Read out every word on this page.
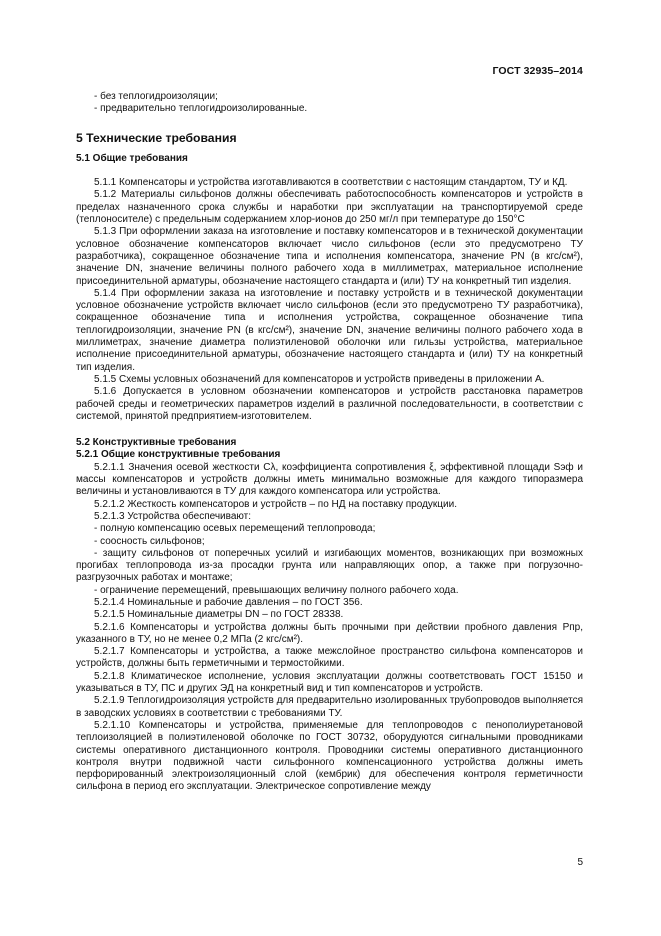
ГОСТ 32935–2014

- без теплогидроизоляции;

- предварительно теплогидроизолированные.

5 Технические требования

5.1 Общие требования

5.1.1 Компенсаторы и устройства изготавливаются в соответствии с настоящим стандартом, ТУ и КД.

5.1.2 Материалы сильфонов должны обеспечивать работоспособность компенсаторов и устройств в пределах назначенного срока службы и наработки при эксплуатации на транспортируемой среде (теплоносителе) с предельным содержанием хлор-ионов до 250 мг/л при температуре до 150°С

5.1.3 При оформлении заказа на изготовление и поставку компенсаторов и в технической документации условное обозначение компенсаторов включает число сильфонов (если это предусмотрено ТУ разработчика), сокращенное обозначение типа и исполнения компенсатора, значение PN (в кгс/см²), значение DN, значение величины полного рабочего хода в миллиметрах, материальное исполнение присоединительной арматуры, обозначение настоящего стандарта и (или) ТУ на конкретный тип изделия.

5.1.4 При оформлении заказа на изготовление и поставку устройств и в технической документации условное обозначение устройств включает число сильфонов (если это предусмотрено ТУ разработчика), сокращенное обозначение типа и исполнения устройства, сокращенное обозначение типа теплогидроизоляции, значение PN (в кгс/см²), значение DN, значение величины полного рабочего хода в миллиметрах, значение диаметра полиэтиленовой оболочки или гильзы устройства, материальное исполнение присоединительной арматуры, обозначение настоящего стандарта и (или) ТУ на конкретный тип изделия.

5.1.5 Схемы условных обозначений для компенсаторов и устройств приведены в приложении А.

5.1.6 Допускается в условном обозначении компенсаторов и устройств расстановка параметров рабочей среды и геометрических параметров изделий в различной последовательности, в соответствии с системой, принятой предприятием-изготовителем.

5.2 Конструктивные требования

5.2.1 Общие конструктивные требования

5.2.1.1 Значения осевой жесткости Cλ, коэффициента сопротивления ξ, эффективной площади Sэф и массы компенсаторов и устройств должны иметь минимально возможные для каждого типоразмера величины и установливаются в ТУ для каждого компенсатора или устройства.

5.2.1.2 Жесткость компенсаторов и устройств – по НД на поставку продукции.

5.2.1.3 Устройства обеспечивают:

- полную компенсацию осевых перемещений теплопровода;

- соосность сильфонов;

- защиту сильфонов от поперечных усилий и изгибающих моментов, возникающих при возможных прогибах теплопровода из-за просадки грунта или направляющих опор, а также при погрузочно-разгрузочных работах и монтаже;

- ограничение перемещений, превышающих величину полного рабочего хода.

5.2.1.4 Номинальные и рабочие давления – по ГОСТ 356.

5.2.1.5 Номинальные диаметры DN – по ГОСТ 28338.

5.2.1.6 Компенсаторы и устройства должны быть прочными при действии пробного давления Pпр, указанного в ТУ, но не менее 0,2 МПа (2 кгс/см²).

5.2.1.7 Компенсаторы и устройства, а также межслойное пространство сильфона компенсаторов и устройств, должны быть герметичными и термостойкими.

5.2.1.8 Климатическое исполнение, условия эксплуатации должны соответствовать ГОСТ 15150 и указываться в ТУ, ПС и других ЭД на конкретный вид и тип компенсаторов и устройств.

5.2.1.9 Теплогидроизоляция устройств для предварительно изолированных трубопроводов выполняется в заводских условиях в соответствии с требованиями ТУ.

5.2.1.10 Компенсаторы и устройства, применяемые для теплопроводов с пенополиуретановой теплоизоляцией в полиэтиленовой оболочке по ГОСТ 30732, оборудуются сигнальными проводниками системы оперативного дистанционного контроля. Проводники системы оперативного дистанционного контроля внутри подвижной части сильфонного компенсационного устройства должны иметь перфорированный электроизоляционный слой (кембрик) для обеспечения контроля герметичности сильфона в период его эксплуатации. Электрическое сопротивление между

5
